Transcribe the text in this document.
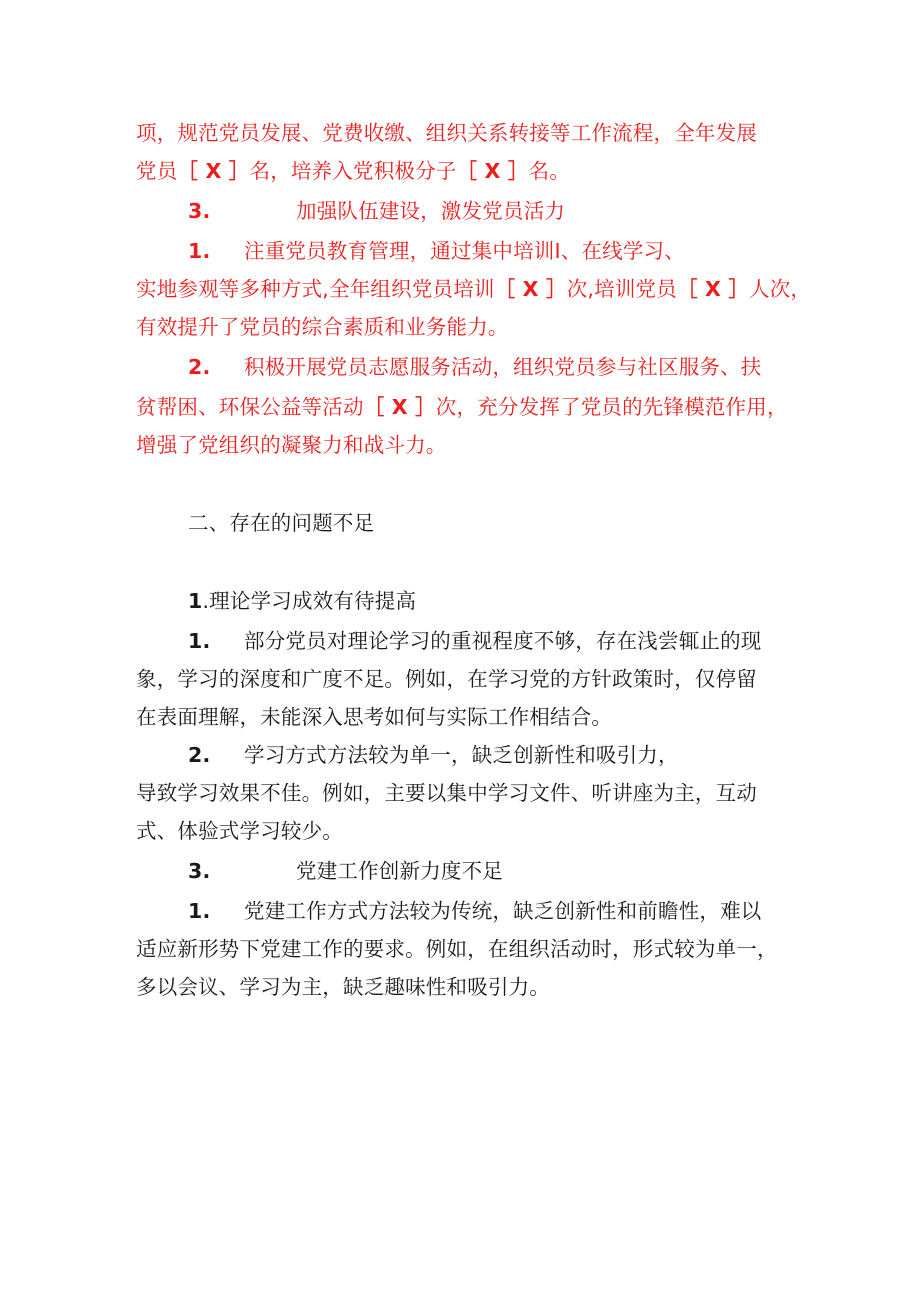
项，规范党员发展、党费收缴、组织关系转接等工作流程，全年发展
党员［ X ］名，培养入党积极分子［ X ］名。
3.	加强队伍建设，激发党员活力
1. 注重党员教育管理，通过集中培训I、在线学习、
实地参观等多种方式,全年组织党员培训［ X ］次,培训党员［ X ］人次，
有效提升了党员的综合素质和业务能力。
2. 积极开展党员志愿服务活动，组织党员参与社区服务、扶
贫帮困、环保公益等活动［ X ］次，充分发挥了党员的先锋模范作用，
增强了党组织的凝聚力和战斗力。
二、存在的问题不足
1.理论学习成效有待提高
1. 部分党员对理论学习的重视程度不够，存在浅尝辄止的现
象，学习的深度和广度不足。例如，在学习党的方针政策时，仅停留
在表面理解，未能深入思考如何与实际工作相结合。
2. 学习方式方法较为单一，缺乏创新性和吸引力，
导致学习效果不佳。例如，主要以集中学习文件、听讲座为主，互动
式、体验式学习较少。
3.	党建工作创新力度不足
1. 党建工作方式方法较为传统，缺乏创新性和前瞻性，难以
适应新形势下党建工作的要求。例如，在组织活动时，形式较为单一，
多以会议、学习为主，缺乏趣味性和吸引力。
